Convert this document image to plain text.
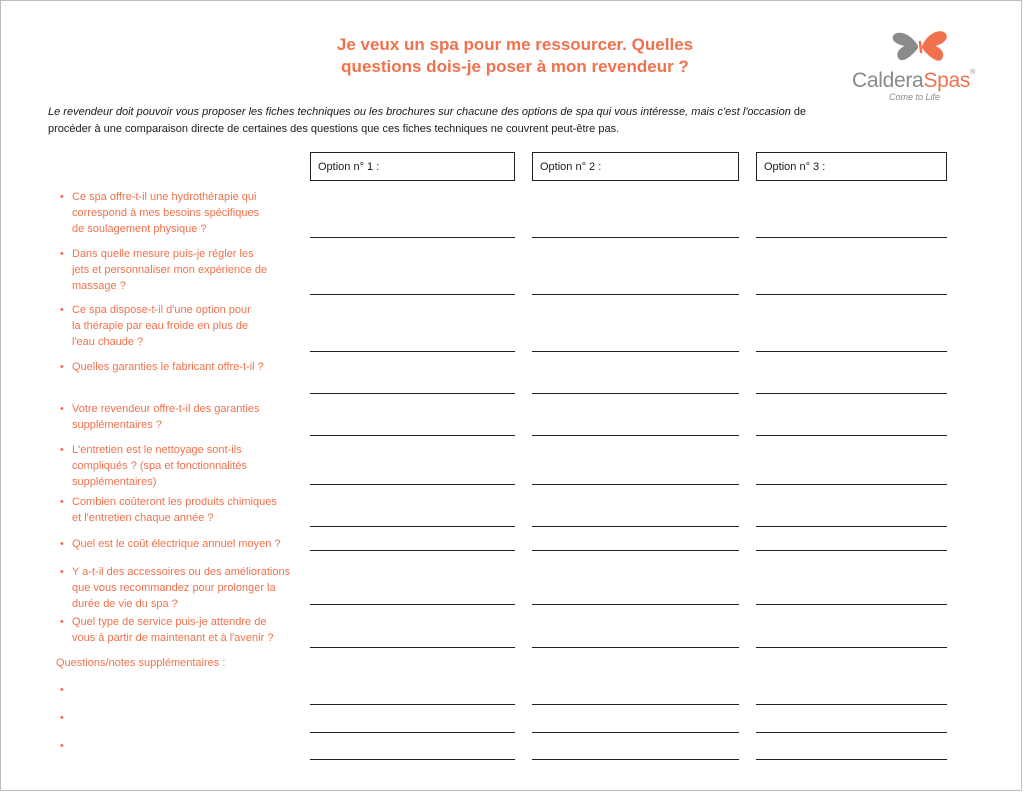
Je veux un spa pour me ressourcer. Quelles
questions dois-je poser à mon revendeur ?
CalderaSpas®
Come to Life
Le revendeur doit pouvoir vous proposer les fiches techniques ou les brochures sur chacune des options de spa qui vous intéresse, mais c'est l'occasion de procéder à une comparaison directe de certaines des questions que ces fiches techniques ne couvrent peut-être pas.
Option n° 1 :	Option n° 2 :	Option n° 3 :
• Ce spa offre-t-il une hydrothérapie qui
correspond à mes besoins spécifiques
de soulagement physique ?
• Dans quelle mesure puis-je régler les
jets et personnaliser mon expérience de
massage ?
• Ce spa dispose-t-il d'une option pour
la thérapie par eau froide en plus de
l'eau chaude ?
• Quelles garanties le fabricant offre-t-il ?
• Votre revendeur offre-t-il des garanties
supplémentaires ?
• L'entretien est le nettoyage sont-ils
compliqués ? (spa et fonctionnalités
supplémentaires)
• Combien coûteront les produits chimiques
et l'entretien chaque année ?
• Quel est le coût électrique annuel moyen ?
• Y a-t-il des accessoires ou des améliorations
que vous recommandez pour prolonger la
durée de vie du spa ?
• Quel type de service puis-je attendre de
vous à partir de maintenant et à l'avenir ?
Questions/notes supplémentaires :
•
•
•
